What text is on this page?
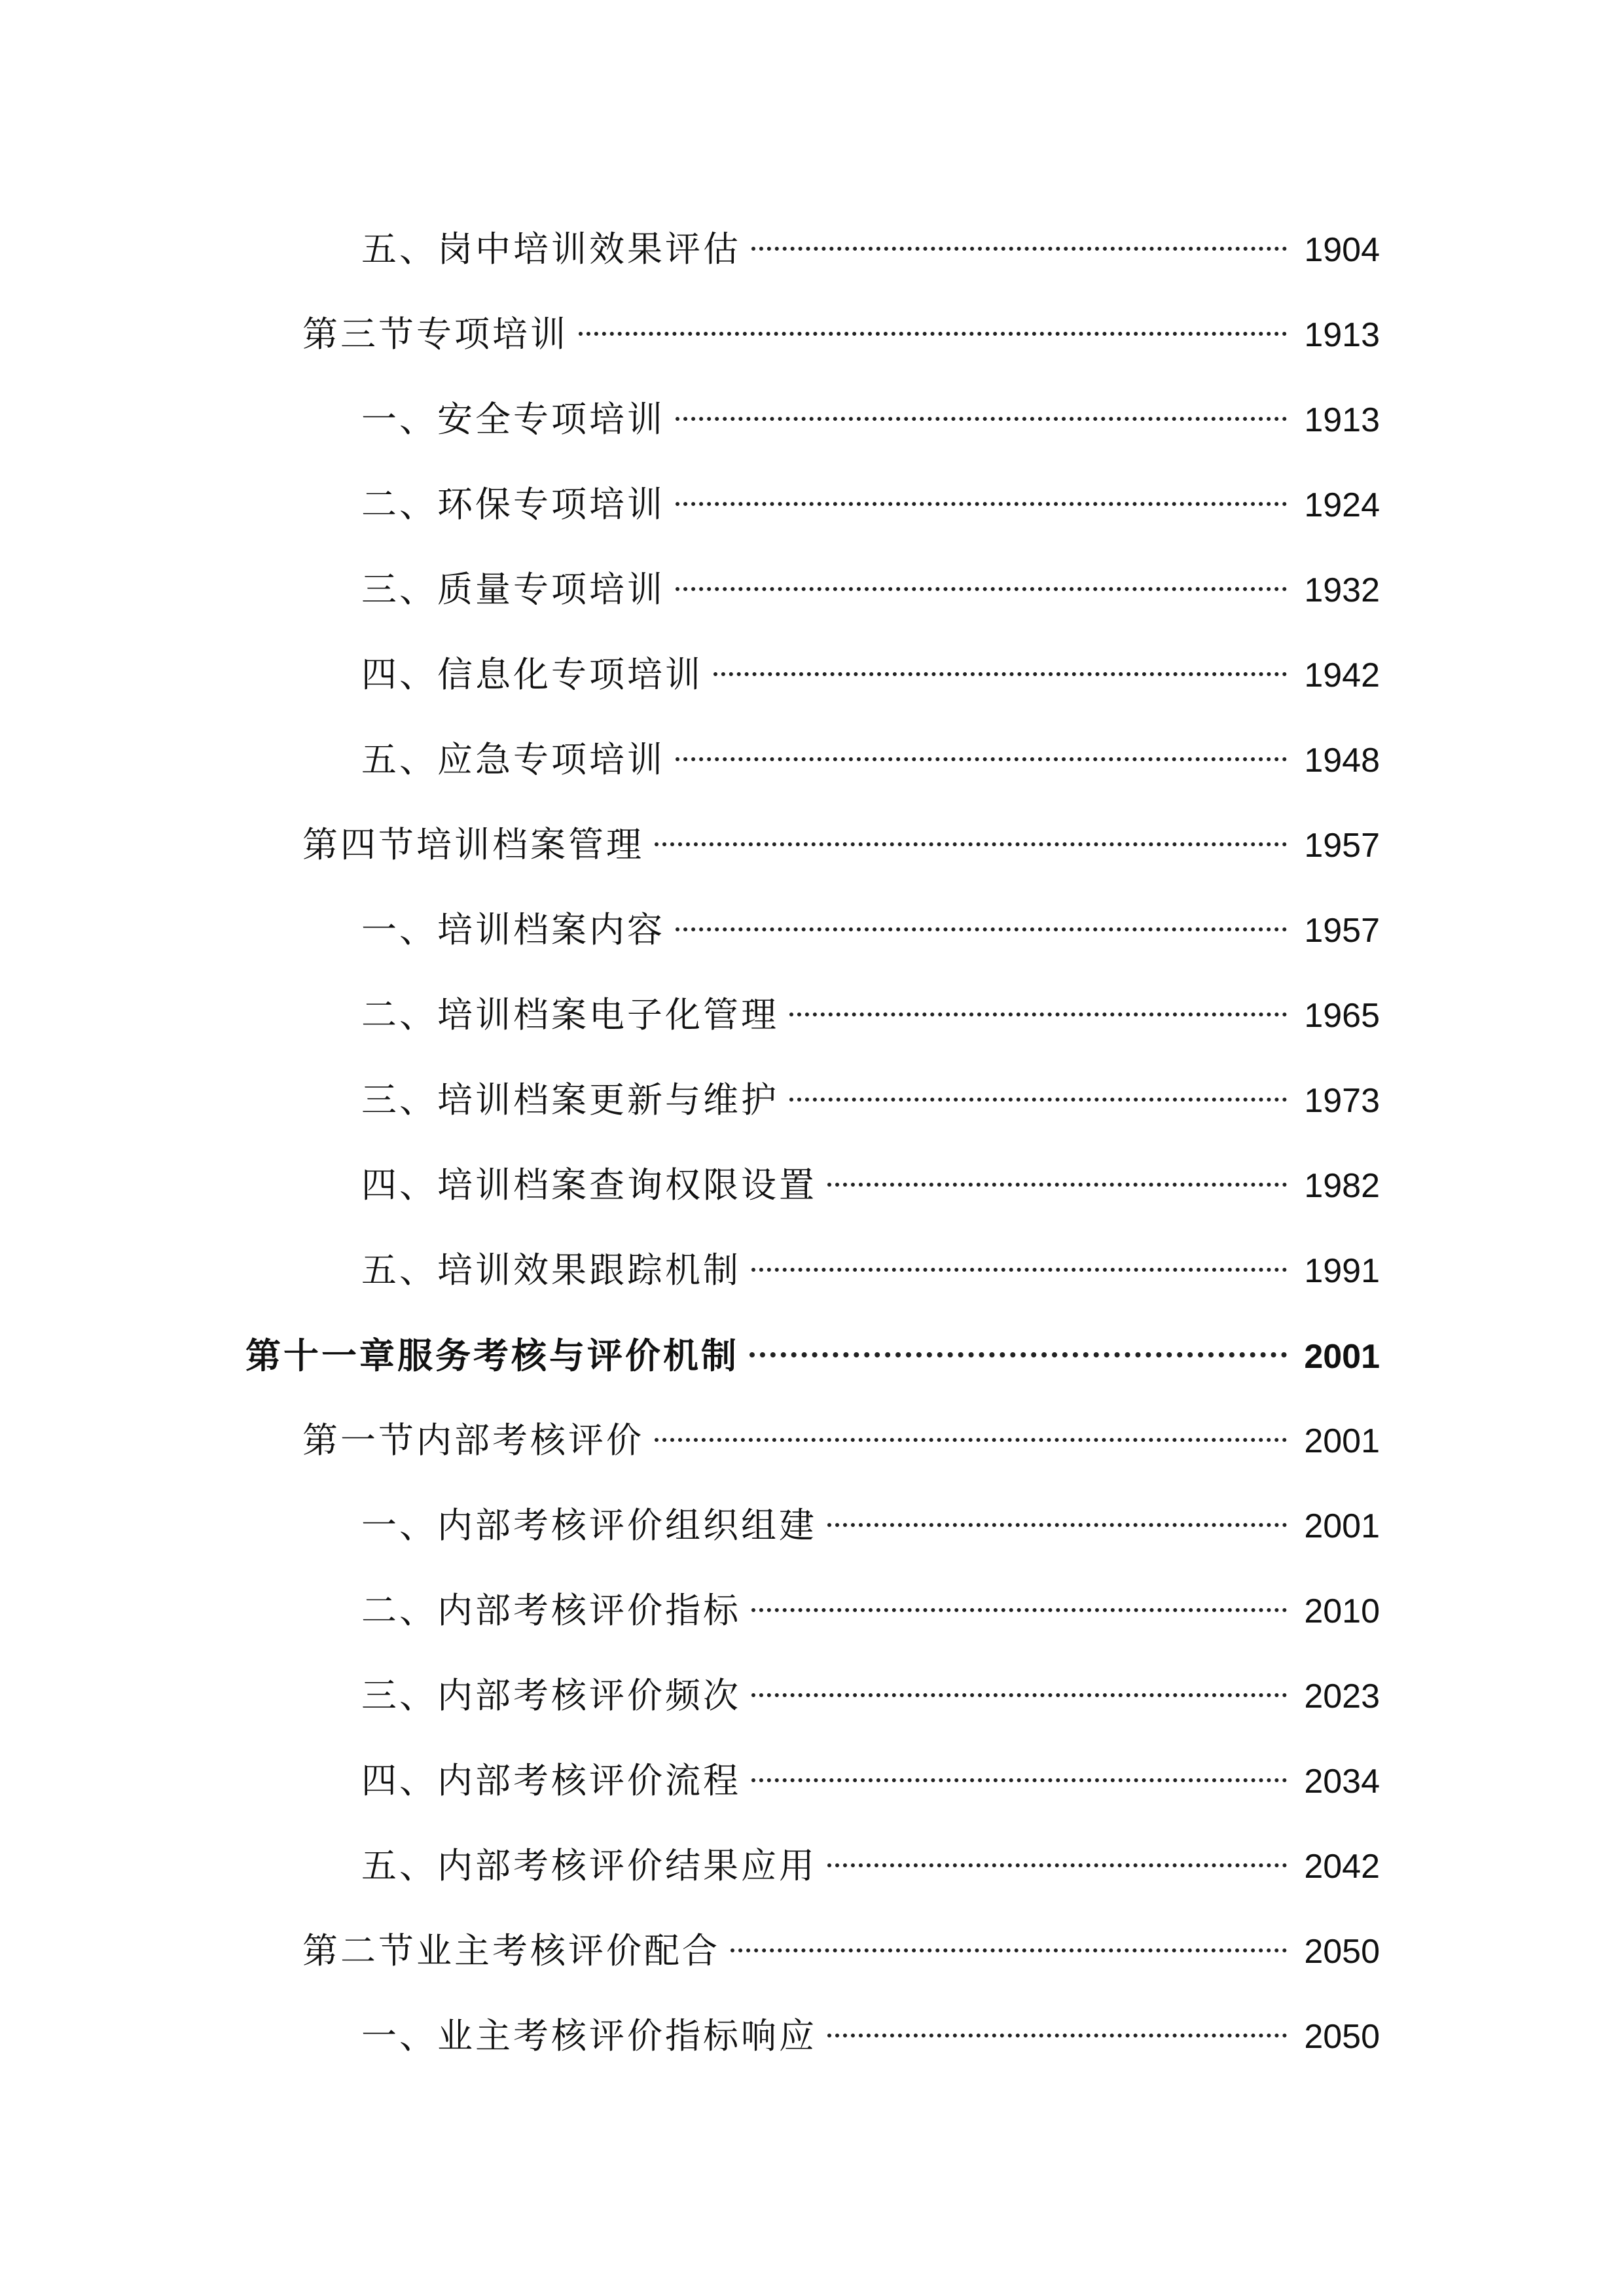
五、岗中培训效果评估	1904
第三节专项培训	1913
一、安全专项培训	1913
二、环保专项培训	1924
三、质量专项培训	1932
四、信息化专项培训	1942
五、应急专项培训	1948
第四节培训档案管理	1957
一、培训档案内容	1957
二、培训档案电子化管理	1965
三、培训档案更新与维护	1973
四、培训档案查询权限设置	1982
五、培训效果跟踪机制	1991
第十一章服务考核与评价机制	2001
第一节内部考核评价	2001
一、内部考核评价组织组建	2001
二、内部考核评价指标	2010
三、内部考核评价频次	2023
四、内部考核评价流程	2034
五、内部考核评价结果应用	2042
第二节业主考核评价配合	2050
一、业主考核评价指标响应	2050
